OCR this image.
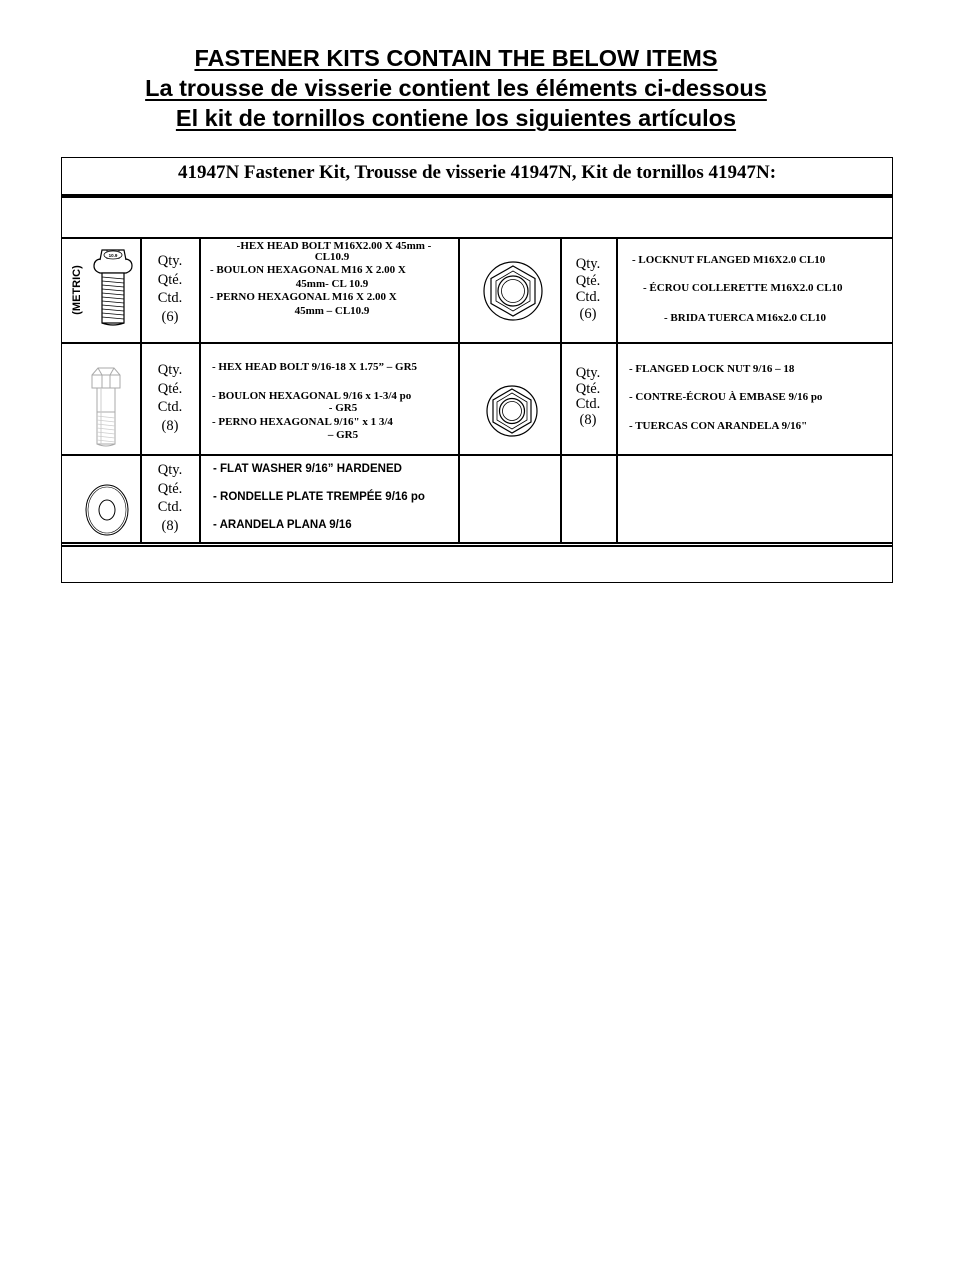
FASTENER KITS CONTAIN THE BELOW ITEMS
La trousse de visserie contient les éléments ci-dessous
El kit de tornillos contiene los siguientes artículos
41947N Fastener Kit, Trousse de visserie 41947N, Kit de tornillos 41947N:
(METRIC)
10.9	Qty.
Qté.
Ctd.
(6)
-HEX HEAD BOLT M16X2.00 X 45mm -
CL10.9
- BOULON HEXAGONAL M16 X 2.00 X
45mm- CL 10.9
- PERNO HEXAGONAL M16 X 2.00 X
45mm – CL10.9
Qty.
Qté.
Ctd.
(6)
- LOCKNUT FLANGED M16X2.0 CL10
- ÉCROU COLLERETTE M16X2.0 CL10
- BRIDA TUERCA M16x2.0 CL10
Qty.
Qté.
Ctd.
(8)
- HEX HEAD BOLT 9/16-18 X 1.75” – GR5
- BOULON HEXAGONAL 9/16 x 1-3/4 po
- GR5
- PERNO HEXAGONAL 9/16" x 1 3/4
– GR5
Qty.
Qté.
Ctd.
(8)
- FLANGED LOCK NUT 9/16 – 18
- CONTRE-ÉCROU À EMBASE 9/16 po
- TUERCAS CON ARANDELA 9/16"
Qty.
Qté.
Ctd.
(8)
- FLAT WASHER 9/16” HARDENED
- RONDELLE PLATE TREMPÉE 9/16 po
- ARANDELA PLANA 9/16
